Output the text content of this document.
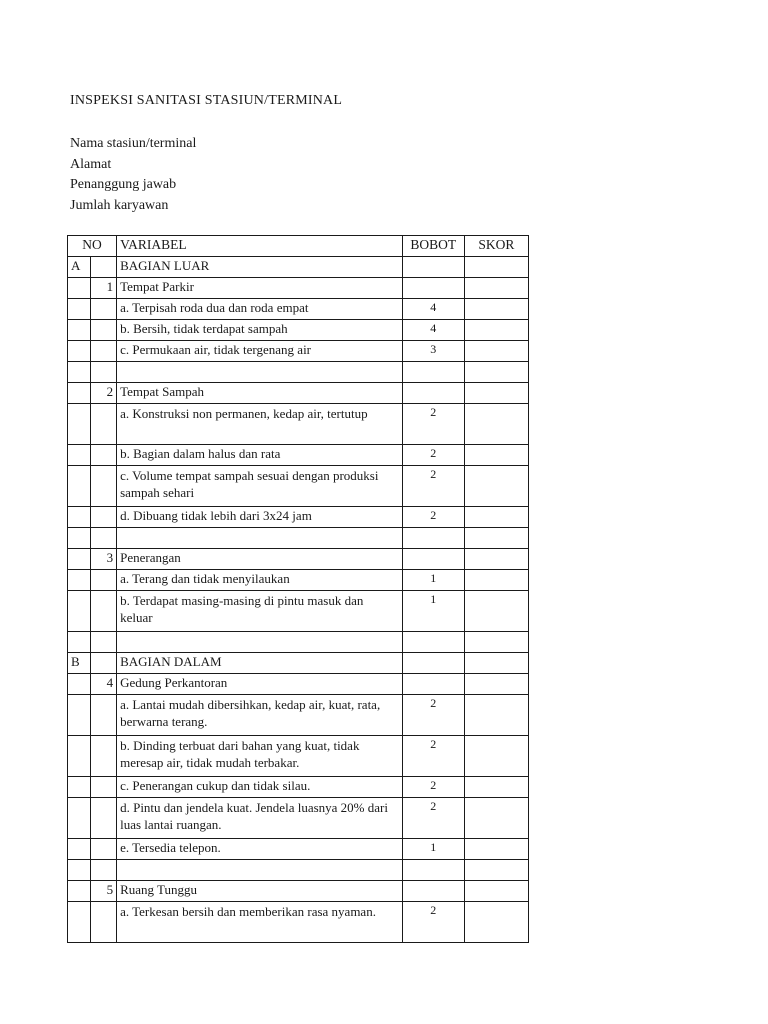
INSPEKSI SANITASI STASIUN/TERMINAL
Nama stasiun/terminal
Alamat
Penanggung jawab
Jumlah karyawan
NO		VARIABEL	BOBOT	SKOR
A		BAGIAN LUAR		
	1	Tempat Parkir		
		a. Terpisah roda dua dan roda empat	4	
		b. Bersih, tidak terdapat sampah	4	
		c. Permukaan air, tidak tergenang air	3	

	2	Tempat Sampah		
		a. Konstruksi non permanen, kedap air, tertutup	2	
		b. Bagian dalam halus dan rata	2	
		c. Volume tempat sampah sesuai dengan produksi sampah sehari	2	
		d. Dibuang tidak lebih dari 3x24 jam	2	

	3	Penerangan		
		a. Terang dan tidak menyilaukan	1	
		b. Terdapat masing-masing di pintu masuk dan keluar	1	

B		BAGIAN DALAM		
	4	Gedung Perkantoran		
		a. Lantai mudah dibersihkan, kedap air, kuat, rata, berwarna terang.	2	
		b. Dinding terbuat dari bahan yang kuat, tidak meresap air, tidak mudah terbakar.	2	
		c. Penerangan cukup dan tidak silau.	2	
		d. Pintu dan jendela kuat. Jendela luasnya 20% dari luas lantai ruangan.	2	
		e. Tersedia telepon.	1	

	5	Ruang Tunggu		
		a. Terkesan bersih dan memberikan rasa nyaman.	2	
